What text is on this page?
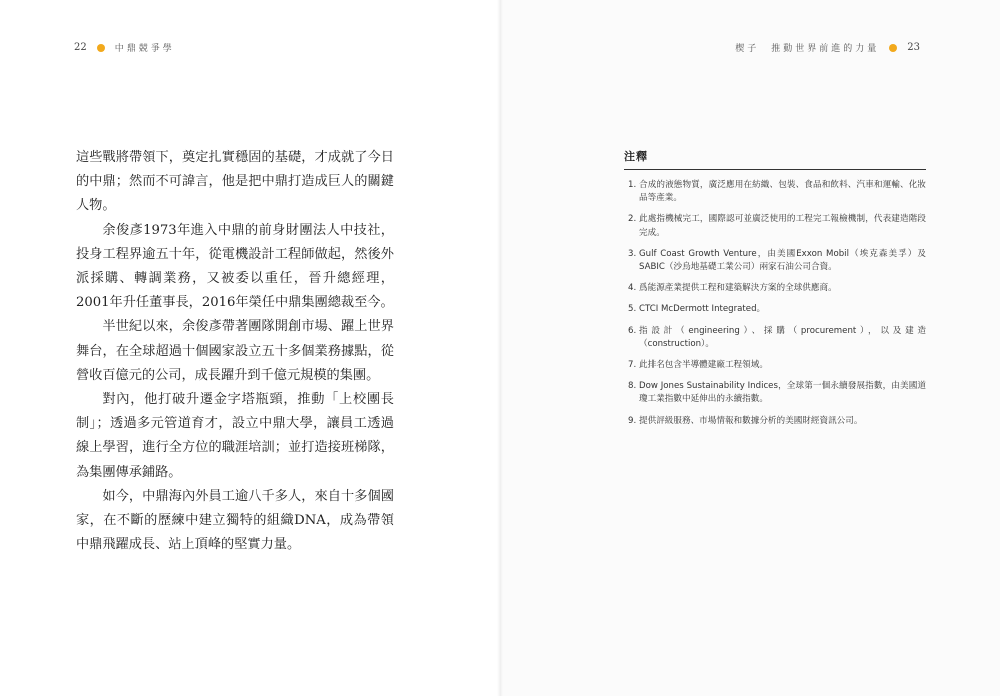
22	中鼎競爭學

這些戰將帶領下，奠定扎實穩固的基礎，才成就了今日的中鼎；然而不可諱言，他是把中鼎打造成巨人的關鍵人物。

余俊彥1973年進入中鼎的前身財團法人中技社，投身工程界逾五十年，從電機設計工程師做起，然後外派採購、轉調業務，又被委以重任，晉升總經理，2001年升任董事長，2016年榮任中鼎集團總裁至今。

半世紀以來，余俊彥帶著團隊開創市場、躍上世界舞台，在全球超過十個國家設立五十多個業務據點，從營收百億元的公司，成長躍升到千億元規模的集團。

對內，他打破升遷金字塔瓶頸，推動「上校團長制」；透過多元管道育才，設立中鼎大學，讓員工透過線上學習，進行全方位的職涯培訓；並打造接班梯隊，為集團傳承鋪路。

如今，中鼎海內外員工逾八千多人，來自十多個國家，在不斷的歷練中建立獨特的組織DNA，成為帶領中鼎飛躍成長、站上頂峰的堅實力量。

楔子　推動世界前進的力量	23
注釋
1. 合成的液態物質，廣泛應用在紡織、包裝、食品和飲料、汽車和運輸、化妝品等產業。
2. 此處指機械完工，國際認可並廣泛使用的工程完工報檢機制，代表建造階段完成。
3. Gulf Coast Growth Venture，由美國Exxon Mobil（埃克森美孚）及SABIC（沙烏地基礎工業公司）兩家石油公司合資。
4. 爲能源產業提供工程和建築解決方案的全球供應商。
5. CTCI McDermott Integrated。
6. 指設計（engineering）、採購（procurement），以及建造（construction）。
7. 此排名包含半導體建廠工程領域。
8. Dow Jones Sustainability Indices，全球第一個永續發展指數，由美國道瓊工業指數中延伸出的永續指數。
9. 提供評級服務、市場情報和數據分析的美國財經資訊公司。
